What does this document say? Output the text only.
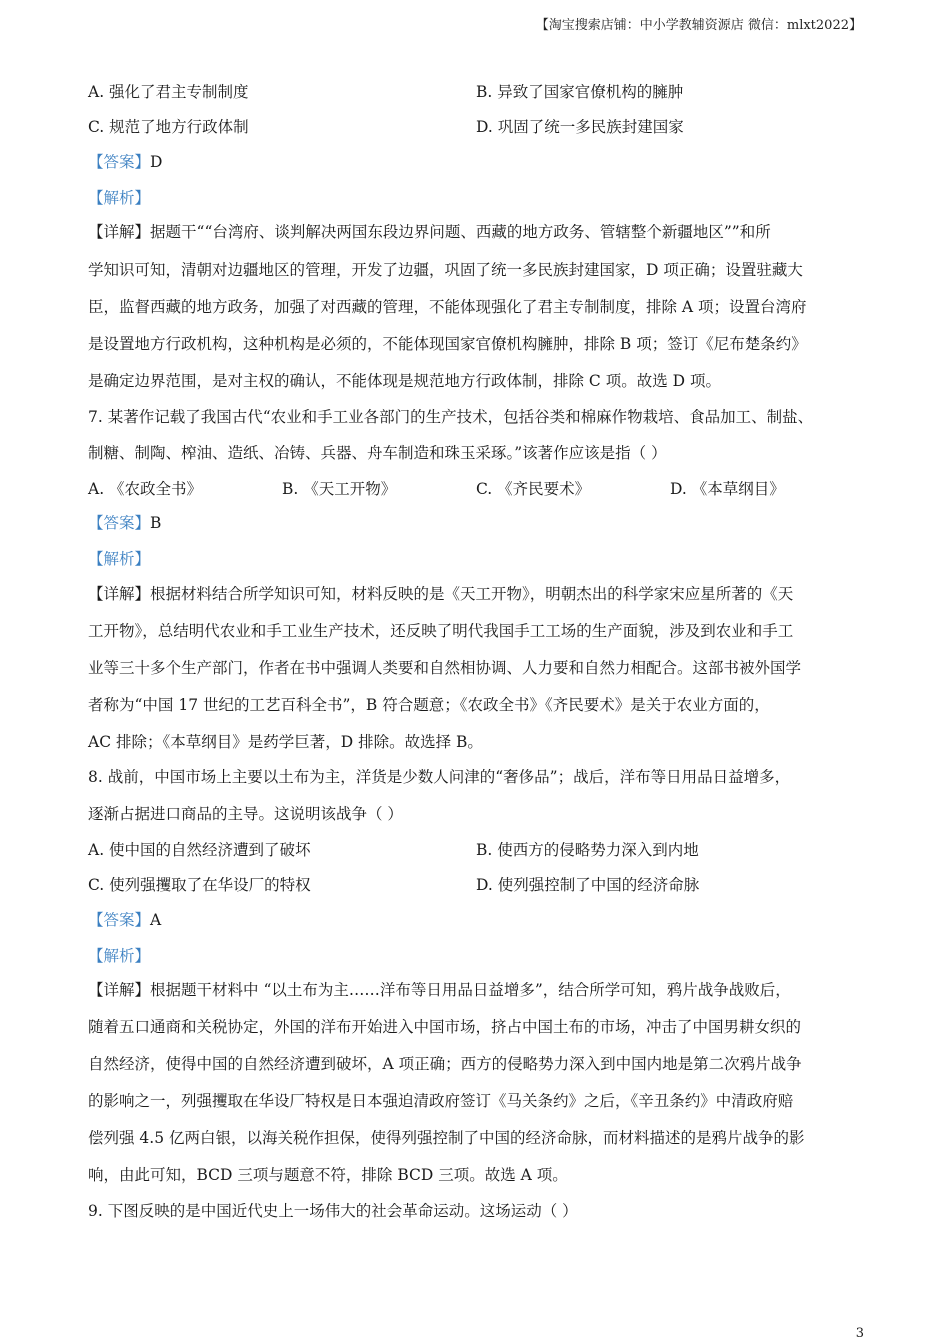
【淘宝搜索店铺：中小学教辅资源店 微信：mlxt2022】
A. 强化了君主专制制度	B. 异致了国家官僚机构的臃肿
C. 规范了地方行政体制	D. 巩固了统一多民族封建国家
【答案】D
【解析】
【详解】据题干““台湾府、谈判解决两国东段边界问题、西藏的地方政务、管辖整个新疆地区””和所
学知识可知，清朝对边疆地区的管理，开发了边疆，巩固了统一多民族封建国家，D 项正确；设置驻藏大
臣，监督西藏的地方政务，加强了对西藏的管理，不能体现强化了君主专制制度，排除 A 项；设置台湾府
是设置地方行政机构，这种机构是必须的，不能体现国家官僚机构臃肿，排除 B 项；签订《尼布楚条约》
是确定边界范围，是对主权的确认，不能体现是规范地方行政体制，排除 C 项。故选 D 项。
7. 某著作记载了我国古代“农业和手工业各部门的生产技术，包括谷类和棉麻作物栽培、食品加工、制盐、
制糖、制陶、榨油、造纸、冶铸、兵器、舟车制造和珠玉采琢。”该著作应该是指（ ）
A. 《农政全书》	B. 《天工开物》	C. 《齐民要术》	D. 《本草纲目》
【答案】B
【解析】
【详解】根据材料结合所学知识可知，材料反映的是《天工开物》，明朝杰出的科学家宋应星所著的《天
工开物》，总结明代农业和手工业生产技术，还反映了明代我国手工工场的生产面貌，涉及到农业和手工
业等三十多个生产部门，作者在书中强调人类要和自然相协调、人力要和自然力相配合。这部书被外国学
者称为“中国 17 世纪的工艺百科全书”，B 符合题意；《农政全书》《齐民要术》是关于农业方面的，
AC 排除；《本草纲目》是药学巨著，D 排除。故选择 B。
8. 战前，中国市场上主要以土布为主，洋货是少数人问津的“奢侈品”；战后，洋布等日用品日益增多，
逐渐占据进口商品的主导。这说明该战争（ ）
A. 使中国的自然经济遭到了破坏	B. 使西方的侵略势力深入到内地
C. 使列强攫取了在华设厂的特权	D. 使列强控制了中国的经济命脉
【答案】A
【解析】
【详解】根据题干材料中 “以土布为主……洋布等日用品日益增多”，结合所学可知，鸦片战争战败后，
随着五口通商和关税协定，外国的洋布开始进入中国市场，挤占中国土布的市场，冲击了中国男耕女织的
自然经济，使得中国的自然经济遭到破坏，A 项正确；西方的侵略势力深入到中国内地是第二次鸦片战争
的影响之一，列强攫取在华设厂特权是日本强迫清政府签订《马关条约》之后，《辛丑条约》中清政府赔
偿列强 4.5 亿两白银，以海关税作担保，使得列强控制了中国的经济命脉，而材料描述的是鸦片战争的影
响，由此可知，BCD 三项与题意不符，排除 BCD 三项。故选 A 项。
9. 下图反映的是中国近代史上一场伟大的社会革命运动。这场运动（ ）
3
